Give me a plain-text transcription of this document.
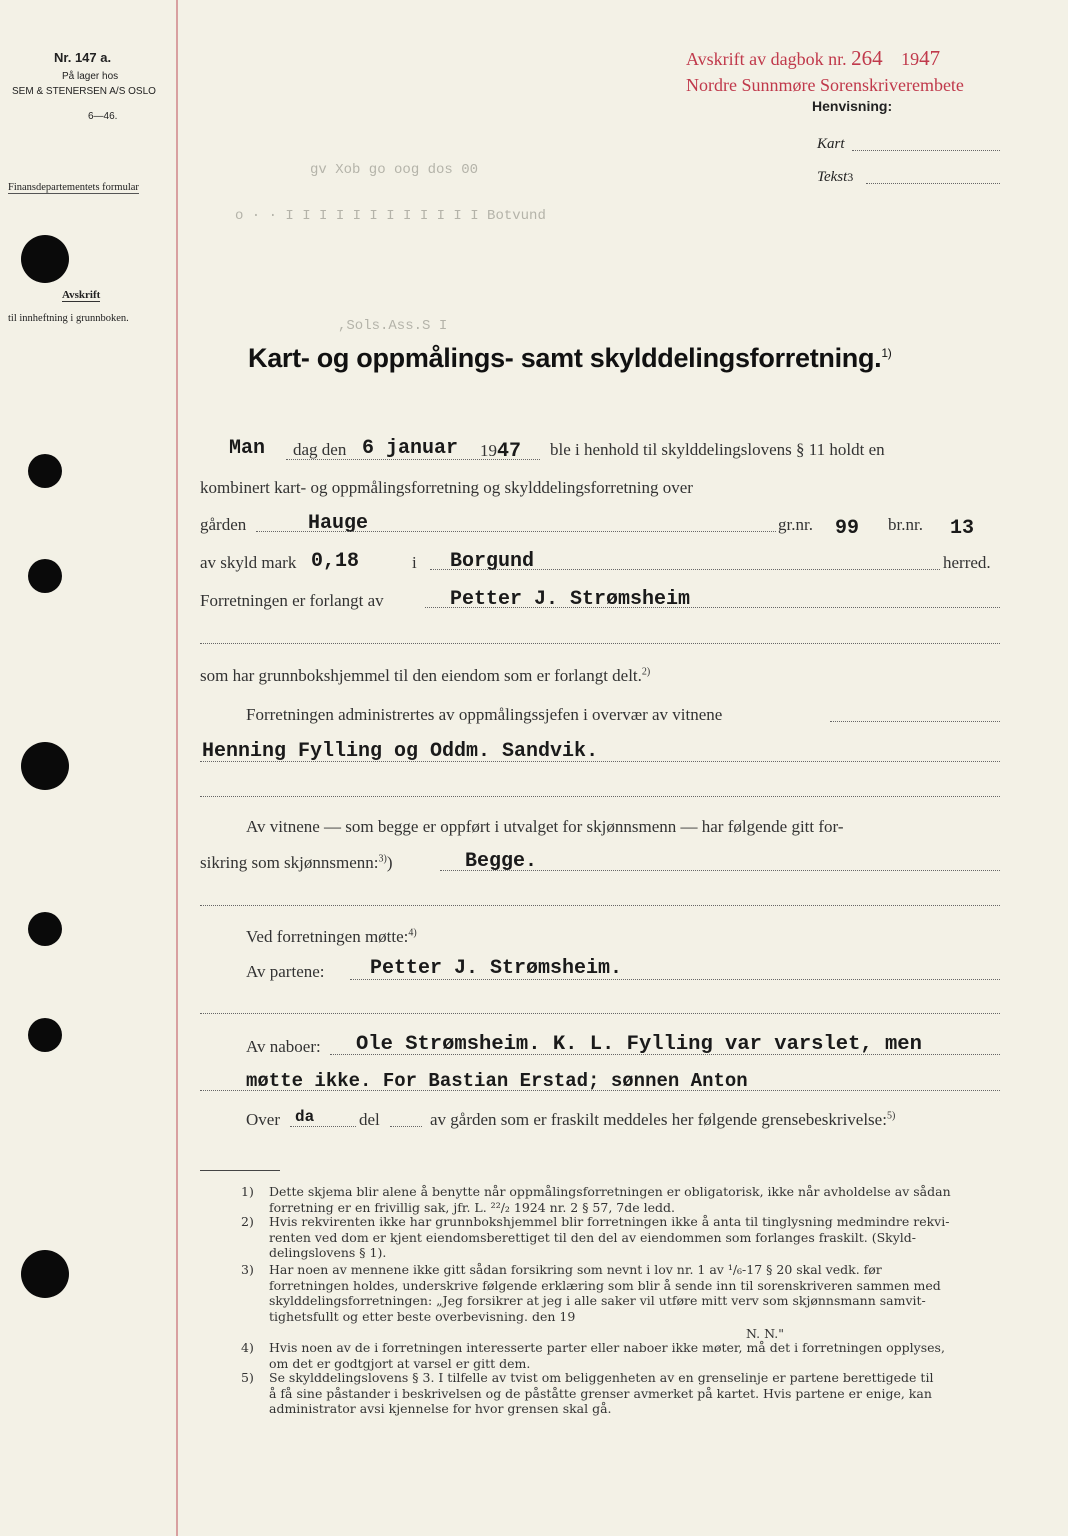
Nr. 147 a.
På lager hos
SEM & STENERSEN A/S OSLO
6—46.
Finansdepartementets formular
Avskrift
til innheftning i grunnboken.
Avskrift av dagbok nr. 264 1947
Nordre Sunnmøre Sorenskriverembete
Henvisning:
Kart
Tekst3
gv Xob go oog dos 00
o · · I I I I I I I I I I I I Botvund
,Sols.Ass.S I
Kart- og oppmålings- samt skylddelingsforretning.$^{1)}$
Man dag den 6 januar 1947 ble i henhold til skylddelingslovens § 11 holdt en
kombinert kart- og oppmålingsforretning og skylddelingsforretning over
gården	Hauge	gr.nr. 99 br.nr. 13
av skyld mark 0,18	i Borgund	herred.
Forretningen er forlangt av	Petter J. Strømsheim
som har grunnbokshjemmel til den eiendom som er forlangt delt.$^{2)}$
Forretningen administrertes av oppmålingssjefen i overvær av vitnene
Henning Fylling og Oddm. Sandvik.
Av vitnene — som begge er oppført i utvalget for skjønnsmenn — har følgende gitt for-
sikring som skjønnsmenn:$^{3)}$)	Begge.
Ved forretningen møtte:$^{4)}$
Av partene: Petter J. Strømsheim.
Av naboer: Ole Strømsheim. K. L. Fylling var varslet, men
møtte ikke. For Bastian Erstad; sønnen Anton
Over da	del	av gården som er fraskilt meddeles her følgende grensebeskrivelse:$^{5)}$
1) Dette skjema blir alene å benytte når oppmålingsforretningen er obligatorisk, ikke når avholdelse av sådan
forretning er en frivillig sak, jfr. L. ²²/₂ 1924 nr. 2 § 57, 7de ledd.
2) Hvis rekvirenten ikke har grunnbokshjemmel blir forretningen ikke å anta til tinglysning medmindre rekvi-
renten ved dom er kjent eiendomsberettiget til den del av eiendommen som forlanges fraskilt. (Skyld-
delingslovens § 1).
3) Har noen av mennene ikke gitt sådan forsikring som nevnt i lov nr. 1 av ¹/₆-17 § 20 skal vedk. før
forretningen holdes, underskrive følgende erklæring som blir å sende inn til sorenskriveren sammen med
skylddelingsforretningen: „Jeg forsikrer at jeg i alle saker vil utføre mitt verv som skjønnsmann samvit-
tighetsfullt og etter beste overbevisning. den 19
N. N."
4) Hvis noen av de i forretningen interesserte parter eller naboer ikke møter, må det i forretningen opplyses,
om det er godtgjort at varsel er gitt dem.
5) Se skylddelingslovens § 3. I tilfelle av tvist om beliggenheten av en grenselinje er partene berettigede til
å få sine påstander i beskrivelsen og de påståtte grenser avmerket på kartet. Hvis partene er enige, kan
administrator avsi kjennelse for hvor grensen skal gå.
